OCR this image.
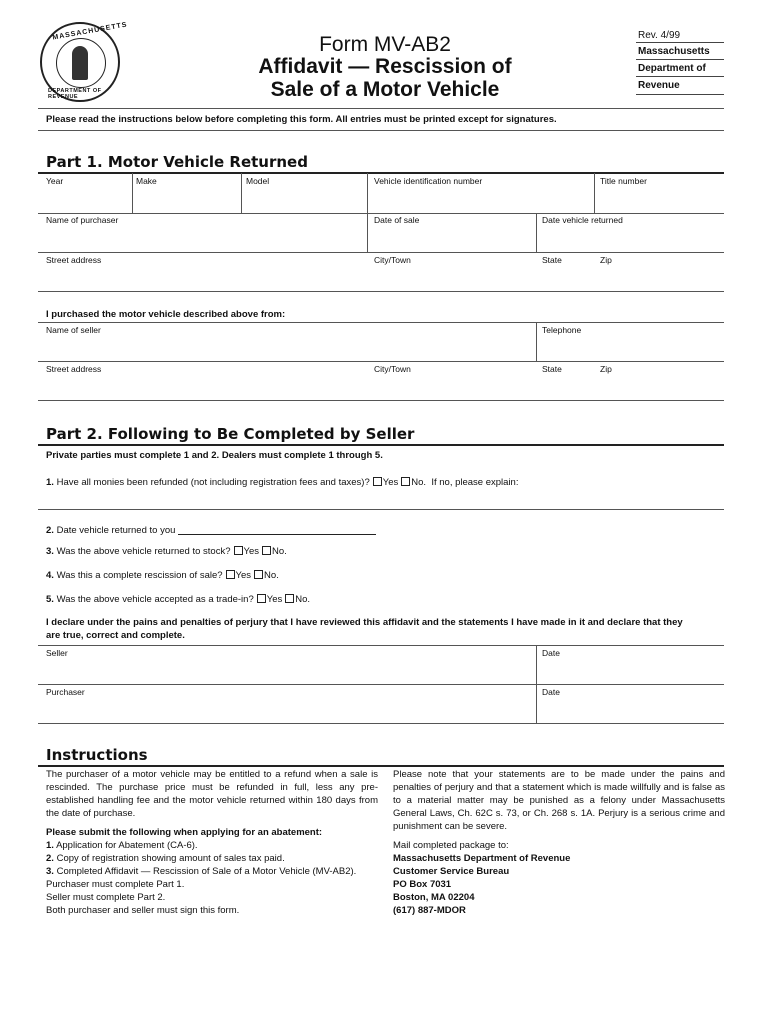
MASSACHUSETTS
DEPARTMENT OF REVENUE
Form MV-AB2
Affidavit — Rescission of
Sale of a Motor Vehicle
Rev. 4/99
Massachusetts
Department of
Revenue
Please read the instructions below before completing this form. All entries must be printed except for signatures.
Part 1. Motor Vehicle Returned
Year	Make	Model	Vehicle identification number	Title number
Name of purchaser	Date of sale	Date vehicle returned
Street address	City/Town	State	Zip
I purchased the motor vehicle described above from:
Name of seller	Telephone
Street address	City/Town	State	Zip
Part 2. Following to Be Completed by Seller
Private parties must complete 1 and 2. Dealers must complete 1 through 5.
1. Have all monies been refunded (not including registration fees and taxes)? Yes No. If no, please explain:
2. Date vehicle returned to you
3. Was the above vehicle returned to stock? Yes No.
4. Was this a complete rescission of sale? Yes No.
5. Was the above vehicle accepted as a trade-in? Yes No.
I declare under the pains and penalties of perjury that I have reviewed this affidavit and the statements I have made in it and declare that they
are true, correct and complete.
Seller	Date
Purchaser	Date
Instructions
The purchaser of a motor vehicle may be entitled to a refund when a sale is rescinded. The purchase price must be refunded in full, less any pre-established handling fee and the motor vehicle returned within 180 days from the date of purchase.
Please submit the following when applying for an abatement:
1. Application for Abatement (CA-6).
2. Copy of registration showing amount of sales tax paid.
3. Completed Affidavit — Rescission of Sale of a Motor Vehicle (MV-AB2).
Purchaser must complete Part 1.
Seller must complete Part 2.
Both purchaser and seller must sign this form.
Please note that your statements are to be made under the pains and penalties of perjury and that a statement which is made willfully and is false as to a material matter may be punished as a felony under Massachusetts General Laws, Ch. 62C s. 73, or Ch. 268 s. 1A. Perjury is a serious crime and punishment can be severe.
Mail completed package to:
Massachusetts Department of Revenue
Customer Service Bureau
PO Box 7031
Boston, MA 02204
(617) 887-MDOR
